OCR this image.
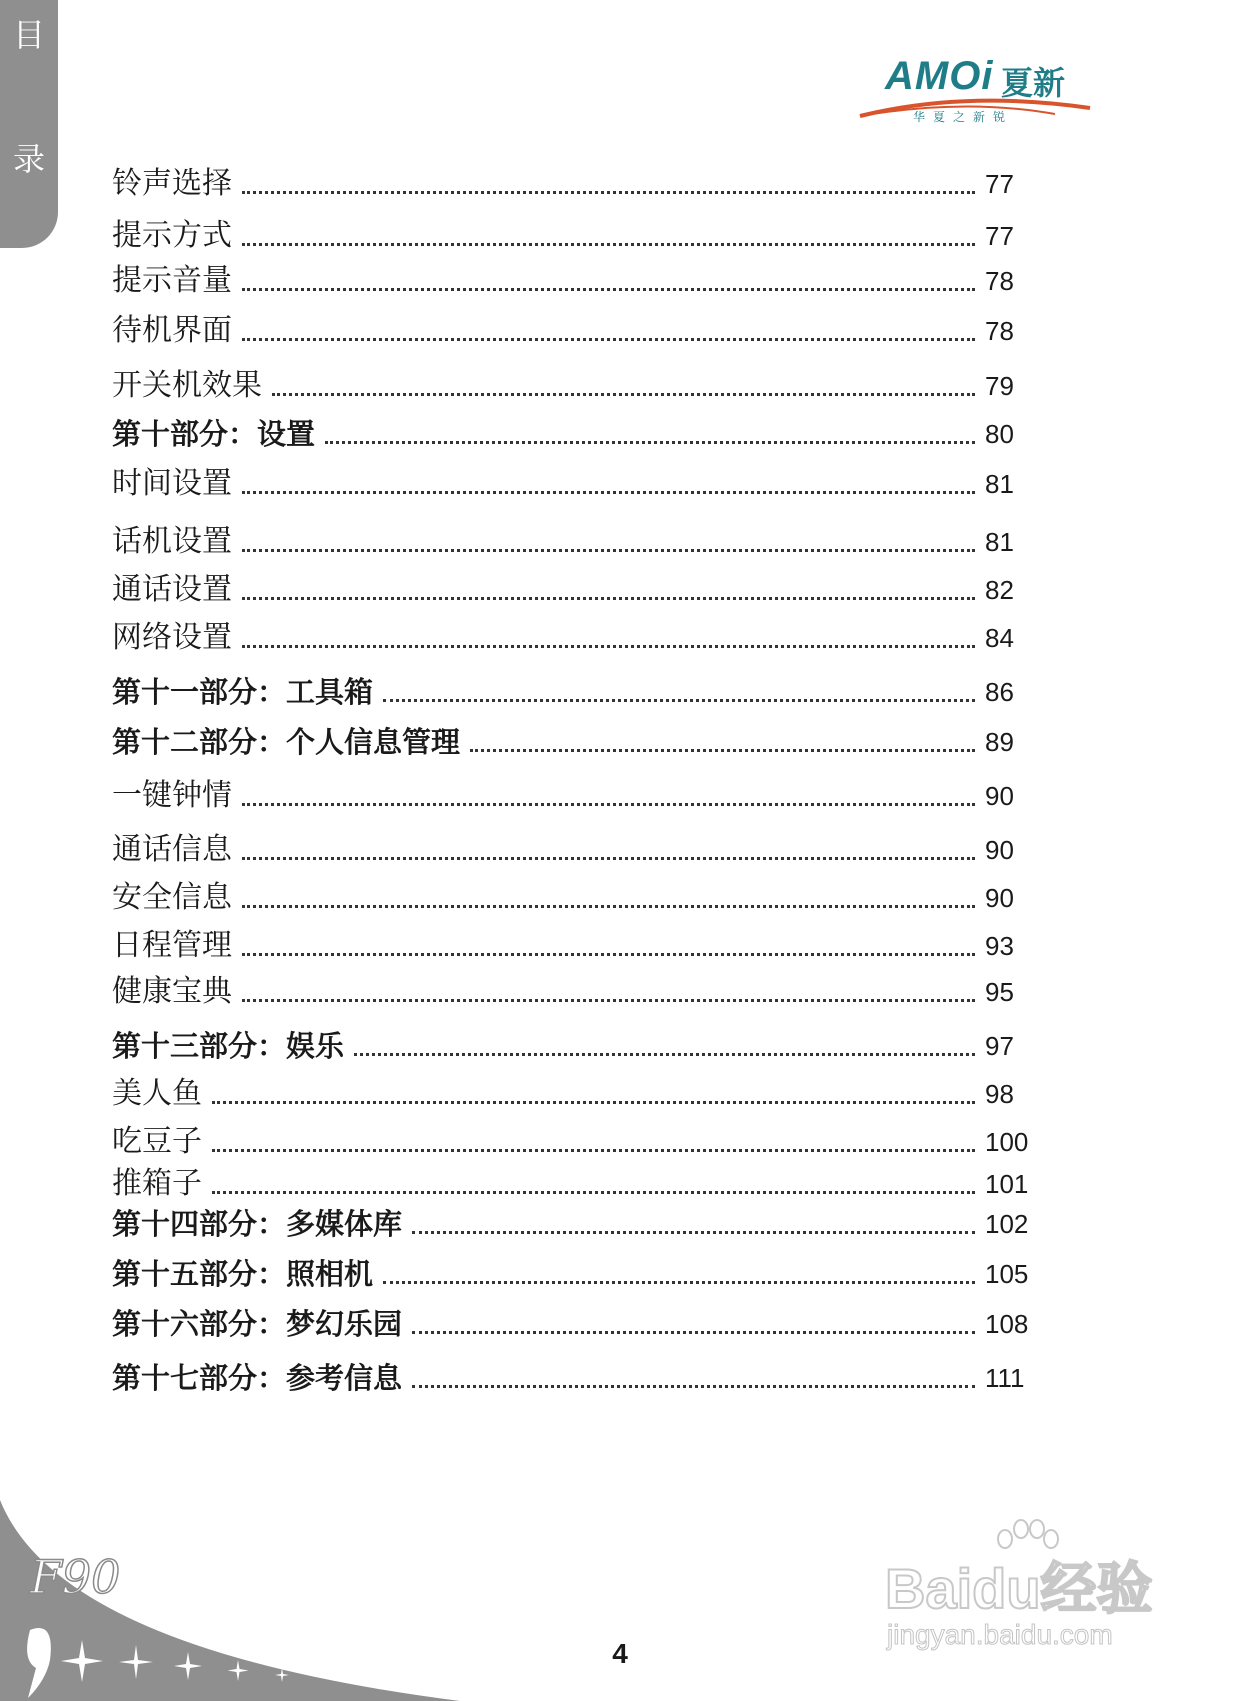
目
录
AMOi 夏新
华夏之新锐
铃声选择	77
提示方式	77
提示音量	78
待机界面	78
开关机效果	79
第十部分：设置	80
时间设置	81
话机设置	81
通话设置	82
网络设置	84
第十一部分：工具箱	86
第十二部分：个人信息管理	89
一键钟情	90
通话信息	90
安全信息	90
日程管理	93
健康宝典	95
第十三部分：娱乐	97
美人鱼	98
吃豆子	100
推箱子	101
第十四部分：多媒体库	102
第十五部分：照相机	105
第十六部分：梦幻乐园	108
第十七部分：参考信息	111
F90
4
Baidu经验
jingyan.baidu.com
